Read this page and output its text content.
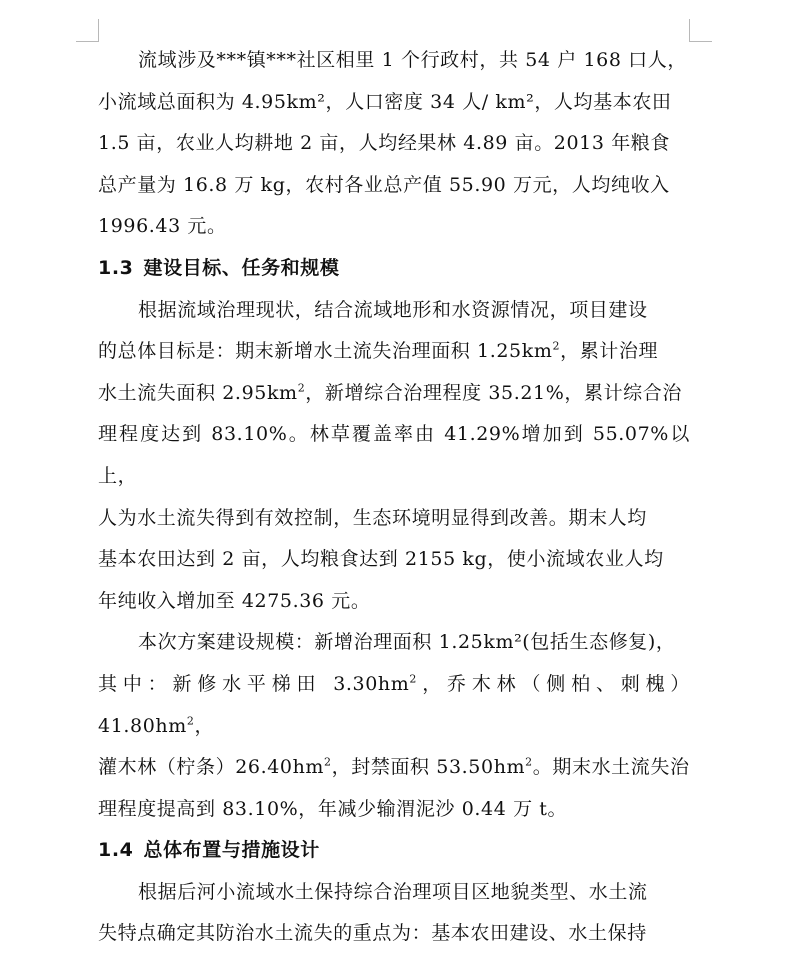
流域涉及***镇***社区相里 1 个行政村，共 54 户 168 口人，

小流域总面积为 4.95km²，人口密度 34 人/ km²，人均基本农田

1.5 亩，农业人均耕地 2 亩，人均经果林 4.89 亩。2013 年粮食

总产量为 16.8 万 kg，农村各业总产值 55.90 万元，人均纯收入

1996.43 元。

1.3 建设目标、任务和规模

根据流域治理现状，结合流域地形和水资源情况，项目建设

的总体目标是：期末新增水土流失治理面积 $1.25km^2$，累计治理

水土流失面积 $2.95km^2$，新增综合治理程度 35.21%，累计综合治

理程度达到 83.10%。林草覆盖率由 41.29%增加到 55.07%以上，

人为水土流失得到有效控制，生态环境明显得到改善。期末人均

基本农田达到 2 亩，人均粮食达到 2155 kg，使小流域农业人均

年纯收入增加至 4275.36 元。

本次方案建设规模：新增治理面积 1.25km²(包括生态修复)，

其中：新修水平梯田 $3.30hm^2$，乔木林（侧柏、刺槐）$41.80hm^2$，

灌木林（柠条）$26.40hm^2$，封禁面积 $53.50hm^2$。期末水土流失治

理程度提高到 83.10%，年减少输渭泥沙 0.44 万 t。

1.4 总体布置与措施设计

根据后河小流域水土保持综合治理项目区地貌类型、水土流

失特点确定其防治水土流失的重点为：基本农田建设、水土保持
